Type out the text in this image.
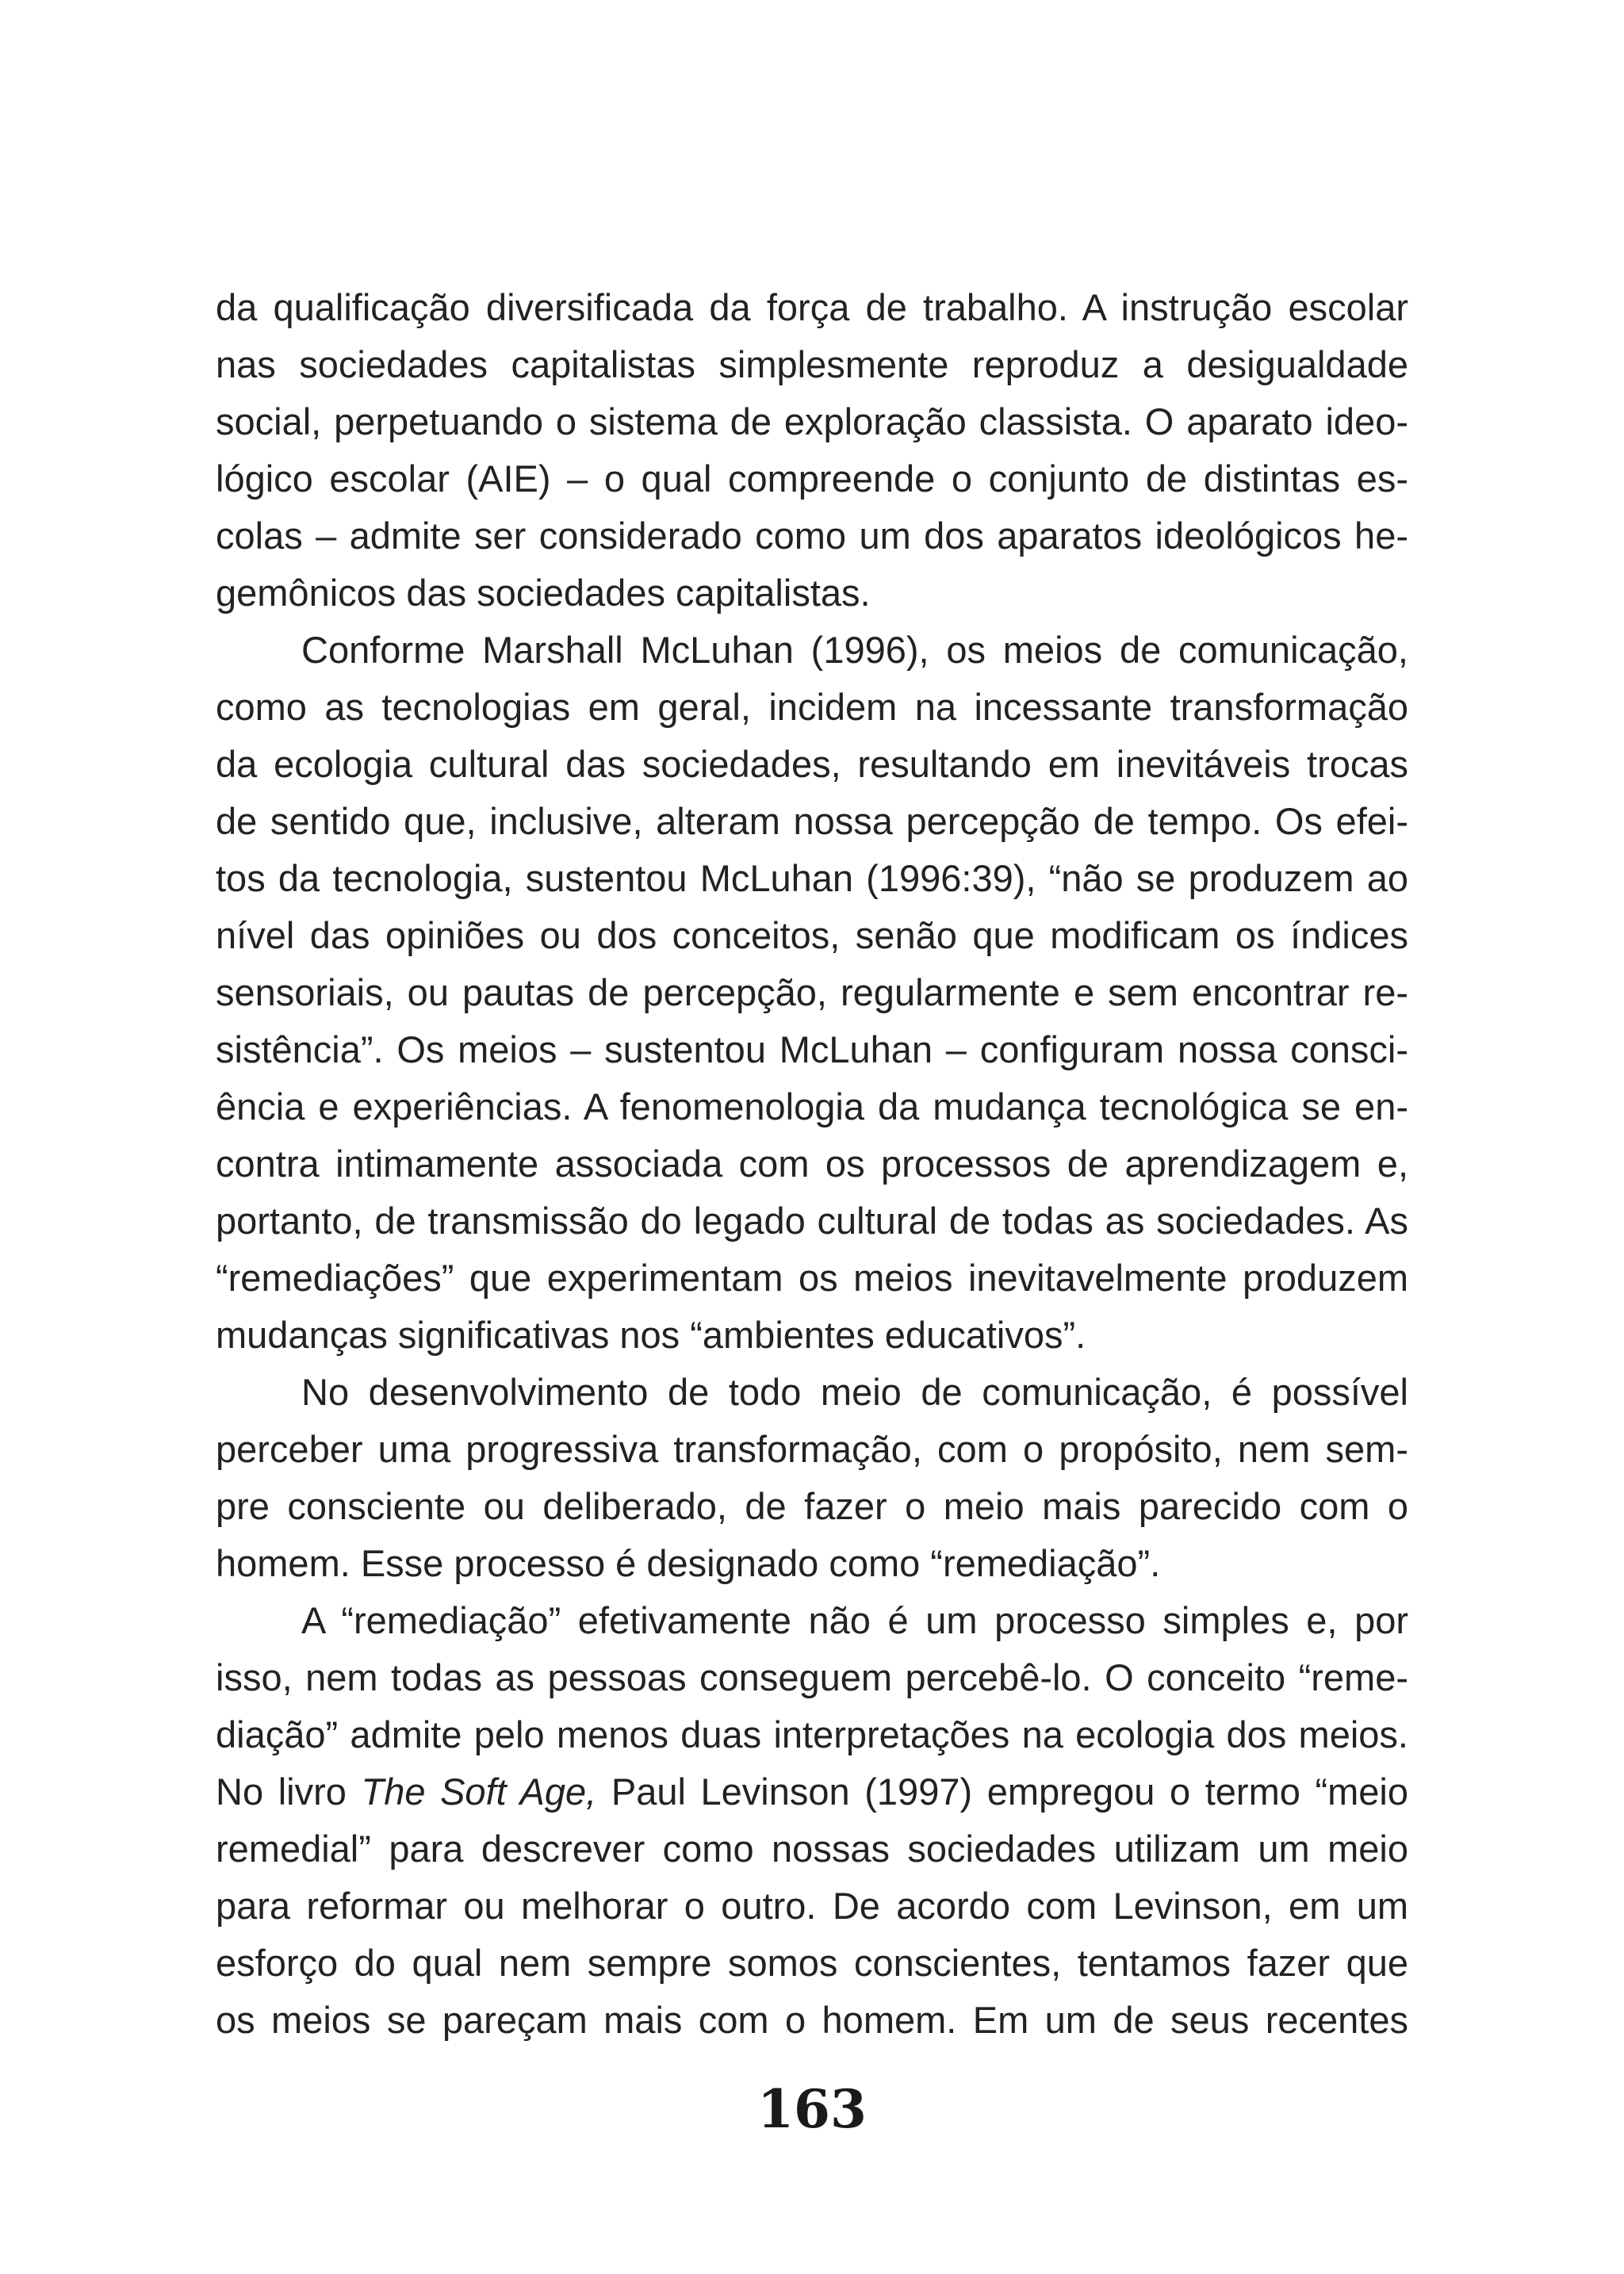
da qualificação diversificada da força de trabalho. A instrução escolar
nas sociedades capitalistas simplesmente reproduz a desigualdade
social, perpetuando o sistema de exploração classista. O aparato ideo-
lógico escolar (AIE) – o qual compreende o conjunto de distintas es-
colas – admite ser considerado como um dos aparatos ideológicos he-
gemônicos das sociedades capitalistas.
Conforme Marshall McLuhan (1996), os meios de comunicação,
como as tecnologias em geral, incidem na incessante transformação
da ecologia cultural das sociedades, resultando em inevitáveis trocas
de sentido que, inclusive, alteram nossa percepção de tempo. Os efei-
tos da tecnologia, sustentou McLuhan (1996:39), “não se produzem ao
nível das opiniões ou dos conceitos, senão que modificam os índices
sensoriais, ou pautas de percepção, regularmente e sem encontrar re-
sistência”. Os meios – sustentou McLuhan – configuram nossa consci-
ência e experiências. A fenomenologia da mudança tecnológica se en-
contra intimamente associada com os processos de aprendizagem e,
portanto, de transmissão do legado cultural de todas as sociedades. As
“remediações” que experimentam os meios inevitavelmente produzem
mudanças significativas nos “ambientes educativos”.
No desenvolvimento de todo meio de comunicação, é possível
perceber uma progressiva transformação, com o propósito, nem sem-
pre consciente ou deliberado, de fazer o meio mais parecido com o
homem. Esse processo é designado como “remediação”.
A “remediação” efetivamente não é um processo simples e, por
isso, nem todas as pessoas conseguem percebê-lo. O conceito “reme-
diação” admite pelo menos duas interpretações na ecologia dos meios.
No livro The Soft Age, Paul Levinson (1997) empregou o termo “meio
remedial” para descrever como nossas sociedades utilizam um meio
para reformar ou melhorar o outro. De acordo com Levinson, em um
esforço do qual nem sempre somos conscientes, tentamos fazer que
os meios se pareçam mais com o homem. Em um de seus recentes
163
